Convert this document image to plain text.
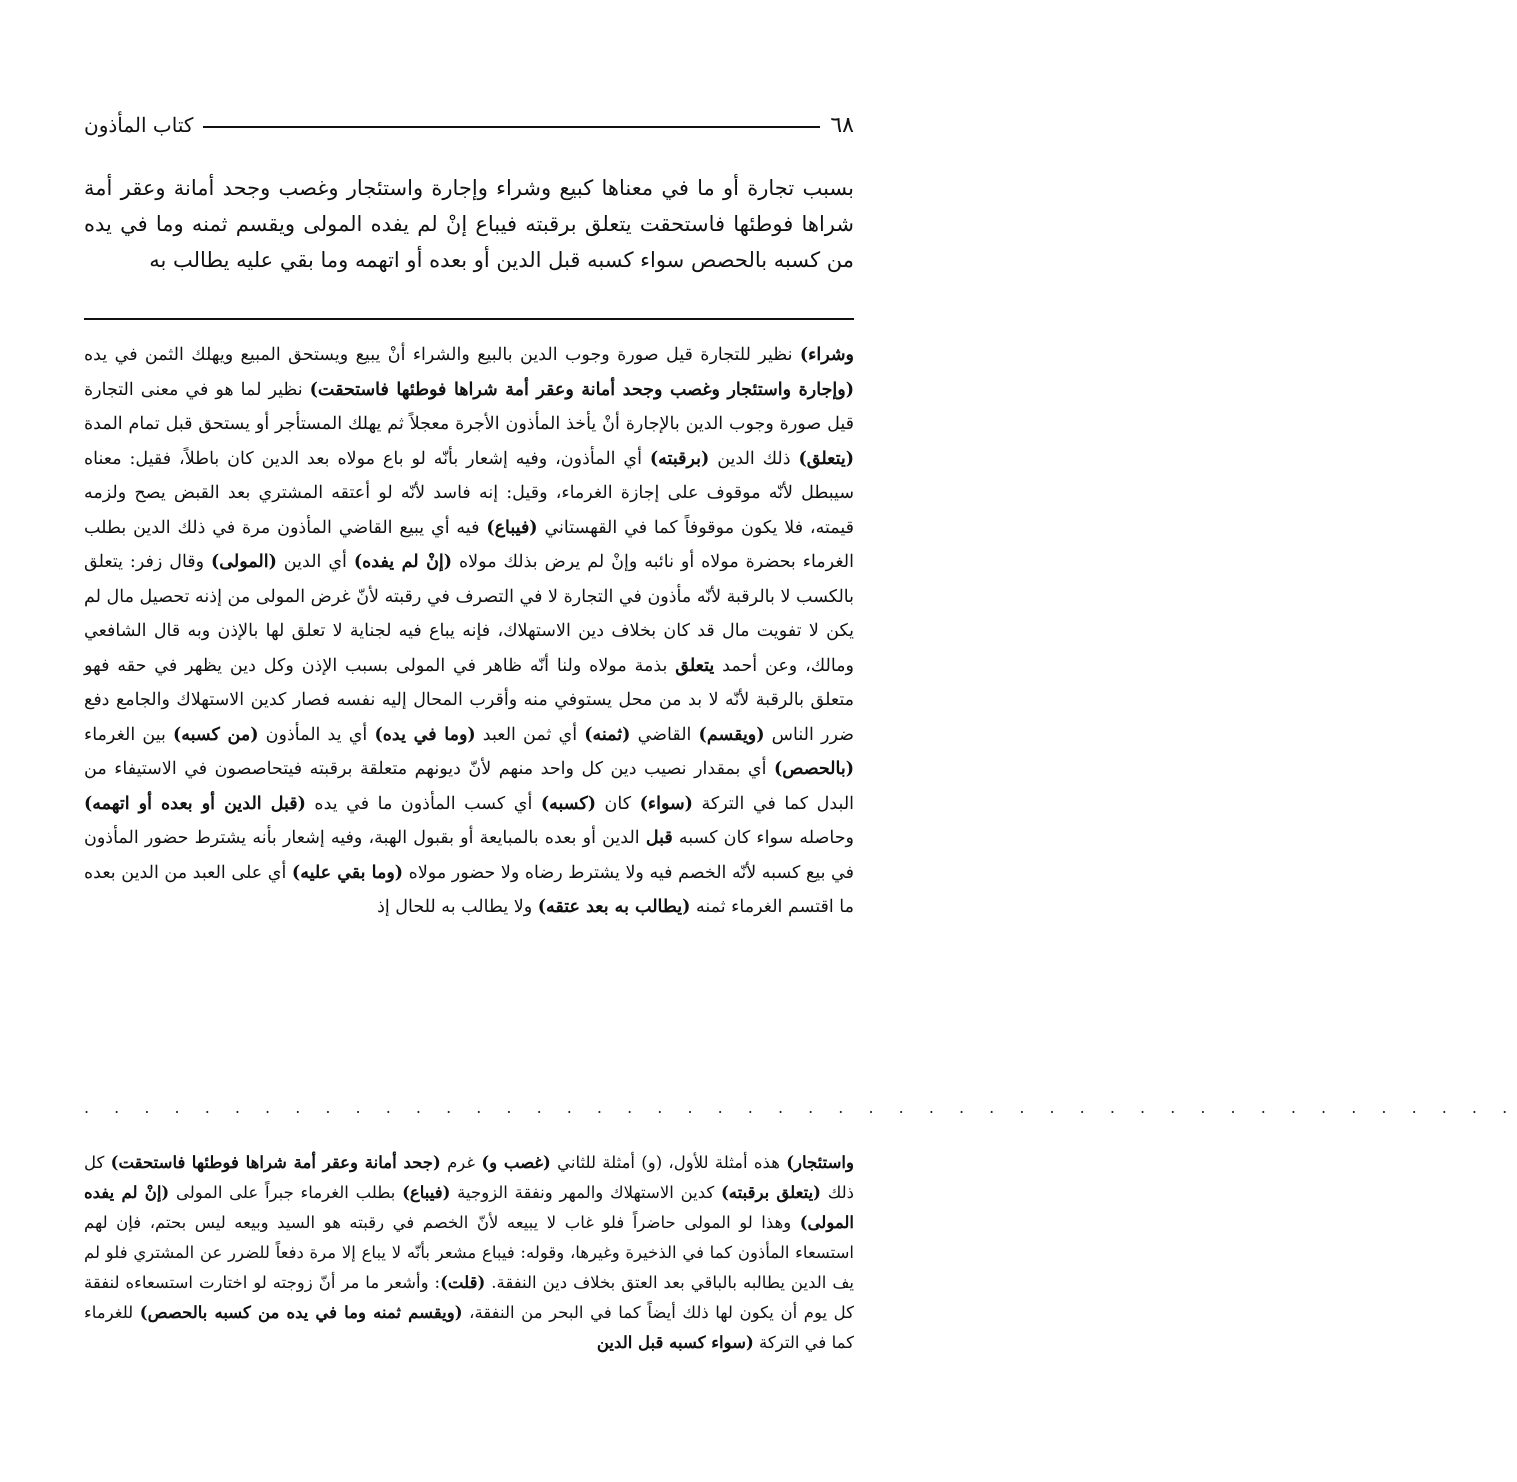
٦٨
كتاب المأذون
بسبب تجارة أو ما في معناها كبيع وشراء وإجارة واستئجار وغصب وجحد أمانة وعقر أمة شراها فوطئها فاستحقت يتعلق برقبته فيباع إنْ لم يفده المولى ويقسم ثمنه وما في يده من كسبه بالحصص سواء كسبه قبل الدين أو بعده أو اتهمه وما بقي عليه يطالب به
وشراء) نظير للتجارة قيل صورة وجوب الدين بالبيع والشراء أنْ يبيع ويستحق المبيع ويهلك الثمن في يده (وإجارة واستئجار وغصب وجحد أمانة وعقر أمة شراها فوطئها فاستحقت) نظير لما هو في معنى التجارة قيل صورة وجوب الدين بالإجارة أنْ يأخذ المأذون الأجرة معجلاً ثم يهلك المستأجر أو يستحق قبل تمام المدة (يتعلق) ذلك الدين (برقبته) أي المأذون، وفيه إشعار بأنّه لو باع مولاه بعد الدين كان باطلاً، فقيل: معناه سيبطل لأنّه موقوف على إجازة الغرماء، وقيل: إنه فاسد لأنّه لو أعتقه المشتري بعد القبض يصح ولزمه قيمته، فلا يكون موقوفاً كما في القهستاني (فيباع) فيه أي يبيع القاضي المأذون مرة في ذلك الدين بطلب الغرماء بحضرة مولاه أو نائبه وإنْ لم يرض بذلك مولاه (إنْ لم يفده) أي الدين (المولى) وقال زفر: يتعلق بالكسب لا بالرقبة لأنّه مأذون في التجارة لا في التصرف في رقبته لأنّ غرض المولى من إذنه تحصيل مال لم يكن لا تفويت مال قد كان بخلاف دين الاستهلاك، فإنه يباع فيه لجناية لا تعلق لها بالإذن وبه قال الشافعي ومالك، وعن أحمد يتعلق بذمة مولاه ولنا أنّه ظاهر في المولى بسبب الإذن وكل دين يظهر في حقه فهو متعلق بالرقبة لأنّه لا بد من محل يستوفي منه وأقرب المحال إليه نفسه فصار كدين الاستهلاك والجامع دفع ضرر الناس (ويقسم) القاضي (ثمنه) أي ثمن العبد (وما في يده) أي يد المأذون (من كسبه) بين الغرماء (بالحصص) أي بمقدار نصيب دين كل واحد منهم لأنّ ديونهم متعلقة برقبته فيتحاصصون في الاستيفاء من البدل كما في التركة (سواء) كان (كسبه) أي كسب المأذون ما في يده (قبل الدين أو بعده أو اتهمه) وحاصله سواء كان كسبه قبل الدين أو بعده بالمبايعة أو بقبول الهبة، وفيه إشعار بأنه يشترط حضور المأذون في بيع كسبه لأنّه الخصم فيه ولا يشترط رضاه ولا حضور مولاه (وما بقي عليه) أي على العبد من الدين بعده ما اقتسم الغرماء ثمنه (يطالب به بعد عتقه) ولا يطالب به للحال إذ
. . . . . . . . . . . . . . . . . . . . . . . . . . . . . . . . . . . . . . . . . . . . . . . .
واستئجار) هذه أمثلة للأول، (و) أمثلة للثاني (غصب و) غرم (جحد أمانة وعقر أمة شراها فوطئها فاستحقت) كل ذلك (يتعلق برقبته) كدين الاستهلاك والمهر ونفقة الزوجية (فيباع) بطلب الغرماء جبراً على المولى (إنْ لم يفده المولى) وهذا لو المولى حاضراً فلو غاب لا يبيعه لأنّ الخصم في رقبته هو السيد وبيعه ليس بحتم، فإن لهم استسعاء المأذون كما في الذخيرة وغيرها، وقوله: فيباع مشعر بأنّه لا يباع إلا مرة دفعاً للضرر عن المشتري فلو لم يف الدين يطالبه بالباقي بعد العتق بخلاف دين النفقة. (قلت): وأشعر ما مر أنّ زوجته لو اختارت استسعاءه لنفقة كل يوم أن يكون لها ذلك أيضاً كما في البحر من النفقة، (ويقسم ثمنه وما في يده من كسبه بالحصص) للغرماء كما في التركة (سواء كسبه قبل الدين
